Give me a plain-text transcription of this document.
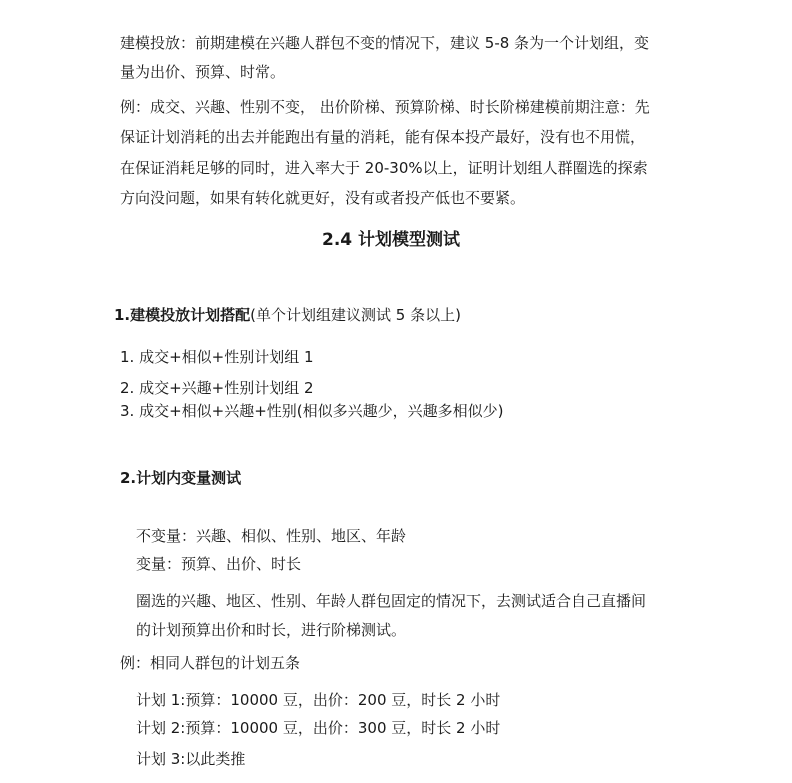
建模投放：前期建模在兴趣人群包不变的情况下，建议 5-8 条为一个计划组，变
量为出价、预算、时常。
例：成交、兴趣、性别不变， 出价阶梯、预算阶梯、时长阶梯建模前期注意：先
保证计划消耗的出去并能跑出有量的消耗，能有保本投产最好，没有也不用慌，
在保证消耗足够的同时，进入率大于 20-30%以上，证明计划组人群圈选的探索
方向没问题，如果有转化就更好，没有或者投产低也不要紧。
2.4 计划模型测试
1.建模投放计划搭配(单个计划组建议测试 5 条以上)
1. 成交+相似+性别计划组 1
2. 成交+兴趣+性别计划组 2
3. 成交+相似+兴趣+性别(相似多兴趣少，兴趣多相似少)
2.计划内变量测试
不变量：兴趣、相似、性别、地区、年龄
变量：预算、出价、时长
圈选的兴趣、地区、性别、年龄人群包固定的情况下，去测试适合自己直播间
的计划预算出价和时长，进行阶梯测试。
例：相同人群包的计划五条
计划 1:预算：10000 豆，出价：200 豆，时长 2 小时
计划 2:预算：10000 豆，出价：300 豆，时长 2 小时
计划 3:以此类推
